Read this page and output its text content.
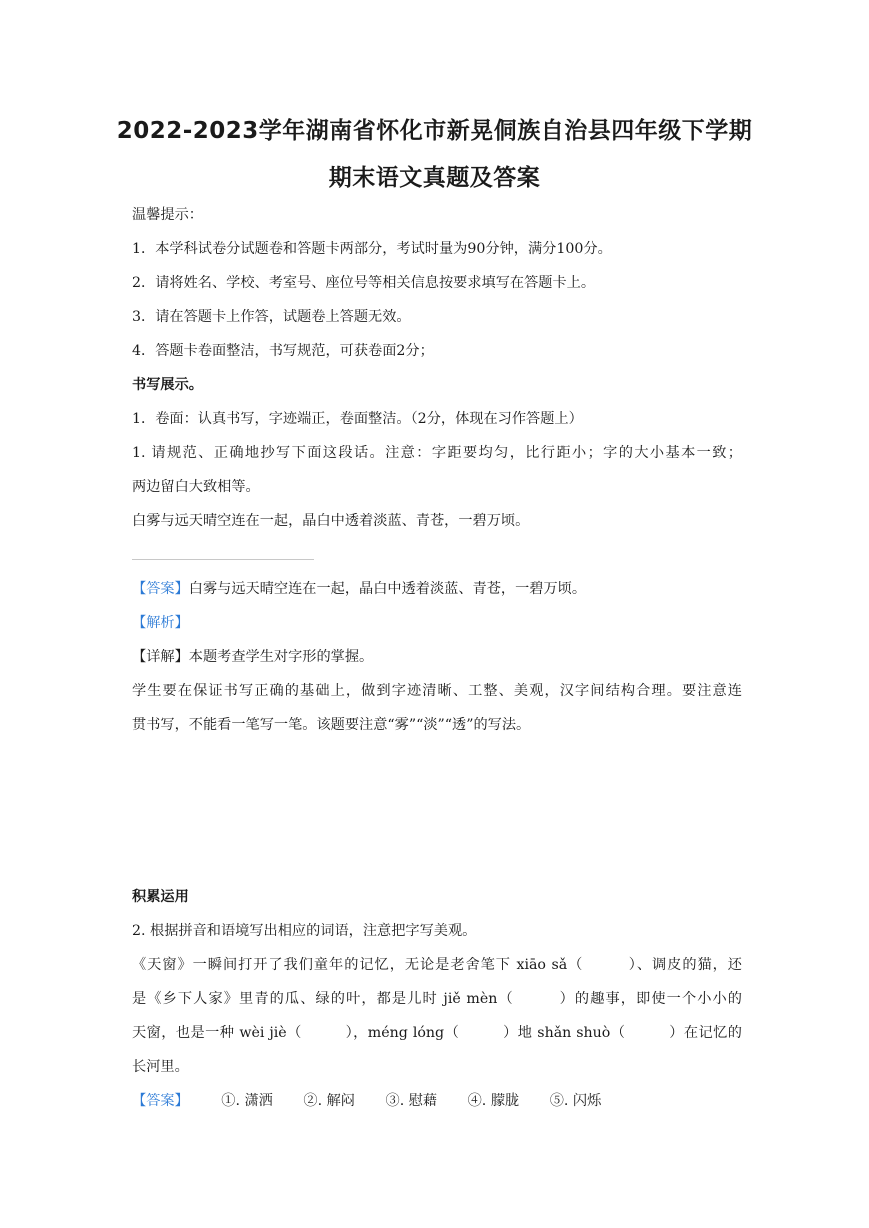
2022-2023学年湖南省怀化市新晃侗族自治县四年级下学期
期末语文真题及答案
温馨提示：
1．本学科试卷分试题卷和答题卡两部分，考试时量为90分钟，满分100分。
2．请将姓名、学校、考室号、座位号等相关信息按要求填写在答题卡上。
3．请在答题卡上作答，试题卷上答题无效。
4．答题卡卷面整洁，书写规范，可获卷面2分；
书写展示。
1．卷面：认真书写，字迹端正，卷面整洁。（2分，体现在习作答题上）
1. 请规范、正确地抄写下面这段话。注意：字距要均匀，比行距小；字的大小基本一致；
两边留白大致相等。
白雾与远天晴空连在一起，晶白中透着淡蓝、青苍，一碧万顷。
【答案】白雾与远天晴空连在一起，晶白中透着淡蓝、青苍，一碧万顷。
【解析】
【详解】本题考查学生对字形的掌握。
学生要在保证书写正确的基础上，做到字迹清晰、工整、美观，汉字间结构合理。要注意连
贯书写，不能看一笔写一笔。该题要注意“雾”“淡”“透”的写法。
积累运用
2. 根据拼音和语境写出相应的词语，注意把字写美观。
《天窗》一瞬间打开了我们童年的记忆，无论是老舍笔下 xiāo sǎ（　　　）、调皮的猫，还
是《乡下人家》里青的瓜、绿的叶，都是儿时 jiě mèn（　　　）的趣事，即使一个小小的
天窗，也是一种 wèi jiè（　　　），méng lóng（　　　）地 shǎn shuò（　　　）在记忆的
长河里。
【答案】 ①. 潇洒 ②. 解闷 ③. 慰藉 ④. 朦胧 ⑤. 闪烁
